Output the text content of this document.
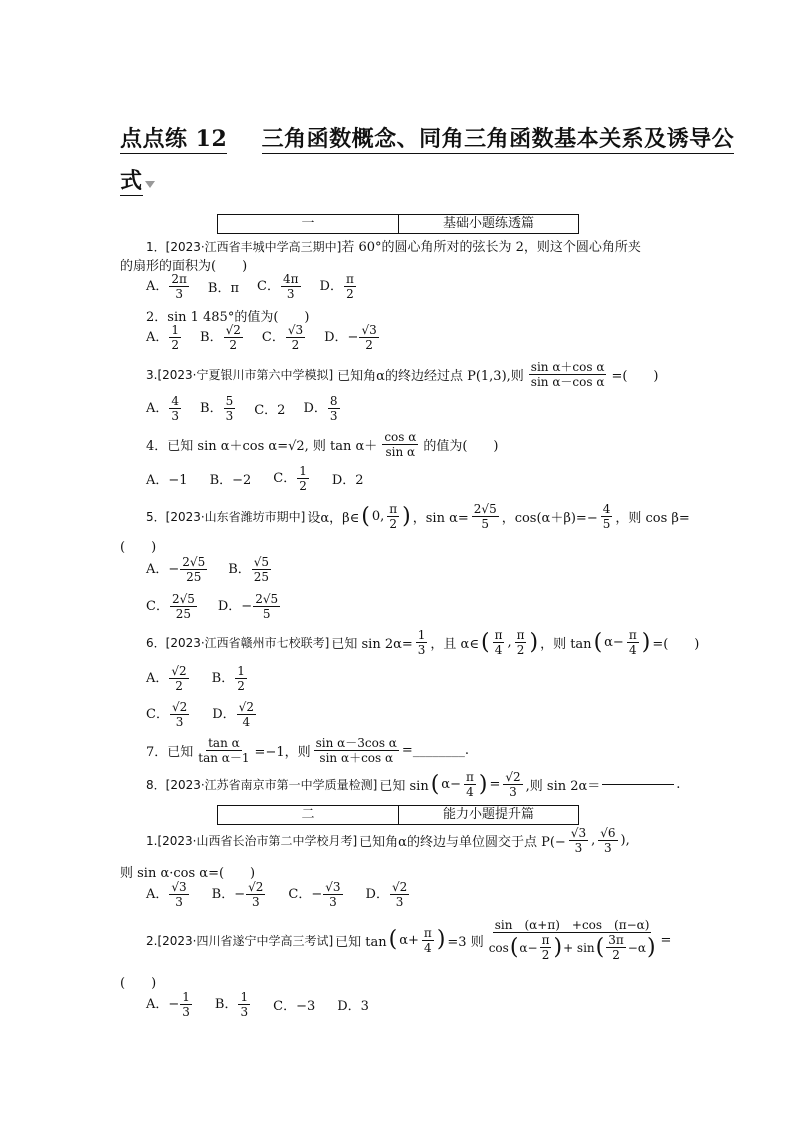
点点练 12 三角函数概念、同角三角函数基本关系及诱导公
式
一	基础小题练透篇
1．[2023·江西省丰城中学高三期中]若 60°的圆心角所对的弦长为 2，则这个圆心角所夹
的扇形的面积为(　　)
A． $\frac{2\pi}{3}$ B．π C． $\frac{4\pi}{3}$ D． $\frac{\pi}{2}$
2．sin 1 485°的值为(　　)
A． $\frac{1}{2}$ B． $\frac{√2}{2}$ C． $\frac{√3}{2}$ D．− $\frac{√3}{2}$
3.[2023·宁夏银川市第六中学模拟] 已知角α的终边经过点 P(1,3),则 $\frac{\text{sin α＋cos α}}{\text{sin α－cos α}}$ =(　　)
A． $\frac{4}{3}$ B． $\frac{5}{3}$ C．2 D． $\frac{8}{3}$
4．已知 sin α＋cos α=√2, 则 $\tan \alpha+ \frac{\text{cos α}}{\text{sin α}}$ 的值为(　　)
A．−1 B．−2 C． $\frac{1}{2}$ D．2
5．[2023·山东省潍坊市期中] 设α，β∈ ( 0, $\frac{\pi}{2}$ ) ，$\sin \alpha= \frac{2√5}{5}$ ，$\cos(\alpha+\beta)=- \frac{4}{5}$ ，则 cos β=
(　　)
A．− $\frac{2√5}{25}$ B． $\frac{√5}{25}$
C． $\frac{2√5}{25}$ D．− $\frac{2√5}{5}$
6．[2023·江西省赣州市七校联考] 已知 $\sin 2\alpha= \frac{1}{3}$ ，且 α∈ ( $\frac{\pi}{4}$ , $\frac{\pi}{2}$ ) ，则 tan ( $\alpha- \frac{\pi}{4}$ ) =(　　)
A． $\frac{√2}{2}$ B． $\frac{1}{2}$
C． $\frac{√2}{3}$ D． $\frac{√2}{4}$
7．已知 $\frac{\text{tan α}}{\text{tan α－1}} =-1$，则 $\frac{\text{sin α－3cos α}}{\text{sin α＋cos α}}$ =________.
8．[2023·江苏省南京市第一中学质量检测] 已知 sin ( $\alpha- \frac{\pi}{4}$ ) = $\frac{√2}{3}$ ,则 sin 2α＝	.
二	能力小题提升篇
1.[2023·山西省长治市第二中学校月考] 已知角α的终边与单位圆交于点 $P(- \frac{√3}{3}$ , $\frac{√6}{3}$ ),
则 sin α·cos α=(　　)
A． $\frac{√3}{3}$ B．− $\frac{√2}{3}$ C．− $\frac{√3}{3}$ D． $\frac{√2}{3}$
2.[2023·四川省遂宁中学高三考试] 已知 tan ( $\alpha+ \frac{\pi}{4}$ ) =3 则 $\frac{\sin (\alpha+\pi) +\cos (\pi-\alpha)}{\cos ( \alpha- \frac{\pi}{2} ) + \sin ( \frac{3\pi}{2} -\alpha )}$ =
(　　)
A．− $\frac{1}{3}$ B． $\frac{1}{3}$ C．−3 D．3
